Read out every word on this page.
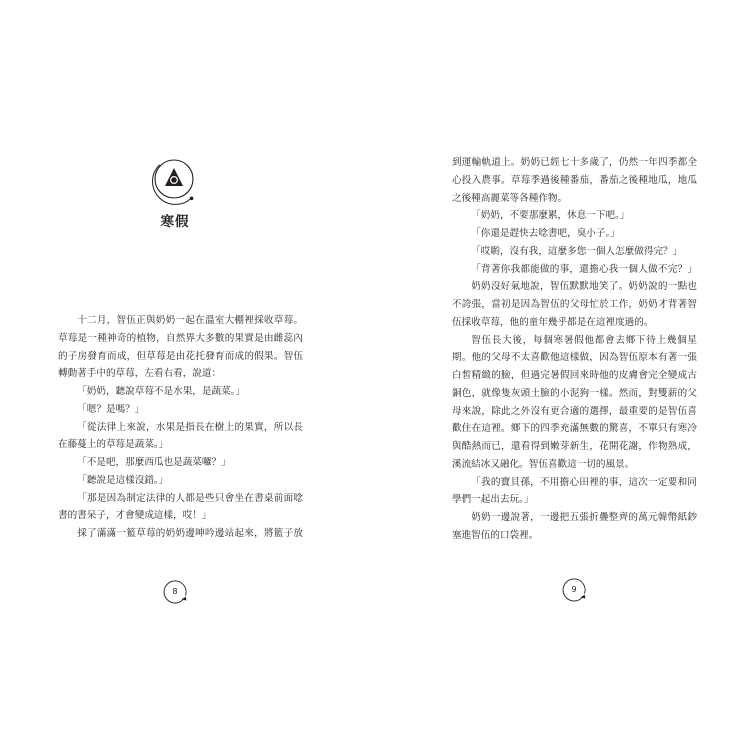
寒假
十二月，智伍正與奶奶一起在溫室大棚裡採收草莓。
草莓是一種神奇的植物，自然界大多數的果實是由雌蕊內
的子房發育而成，但草莓是由花托發育而成的假果。智伍
轉動著手中的草莓，左看右看，說道：
「奶奶，聽說草莓不是水果，是蔬菜。」
「嗯？是嗎？」
「從法律上來說，水果是指長在樹上的果實，所以長
在藤蔓上的草莓是蔬菜。」
「不是吧，那麼西瓜也是蔬菜囉？」
「聽說是這樣沒錯。」
「那是因為制定法律的人都是些只會坐在書桌前面唸
書的書呆子，才會變成這樣，哎！」
採了滿滿一籃草莓的奶奶邊呻吟邊站起來，將籃子放
8
到運輸軌道上。奶奶已經七十多歲了，仍然一年四季都全
心投入農事。草莓季過後種番茄，番茄之後種地瓜，地瓜
之後種高麗菜等各種作物。
「奶奶，不要那麼累，休息一下吧。」
「你還是趕快去唸書吧，臭小子。」
「哎喲，沒有我，這麼多您一個人怎麼做得完？」
「背著你我都能做的事，還擔心我一個人做不完？」
奶奶沒好氣地說，智伍默默地笑了。奶奶說的一點也
不誇張，當初是因為智伍的父母忙於工作，奶奶才背著智
伍採收草莓，他的童年幾乎都是在這裡度過的。
智伍長大後，每個寒暑假他都會去鄉下待上幾個星
期。他的父母不太喜歡他這樣做，因為智伍原本有著一張
白皙精緻的臉，但過完暑假回來時他的皮膚會完全變成古
銅色，就像隻灰頭土臉的小泥狗一樣。然而，對雙薪的父
母來說，除此之外沒有更合適的選擇，最重要的是智伍喜
歡住在這裡。鄉下的四季充滿無數的驚喜，不單只有寒冷
與酷熱而已，還看得到嫩芽新生，花開花謝，作物熟成，
溪流結冰又融化。智伍喜歡這一切的風景。
「我的寶貝孫，不用擔心田裡的事，這次一定要和同
學們一起出去玩。」
奶奶一邊說著，一邊把五張折疊整齊的萬元韓幣紙鈔
塞進智伍的口袋裡。
9
